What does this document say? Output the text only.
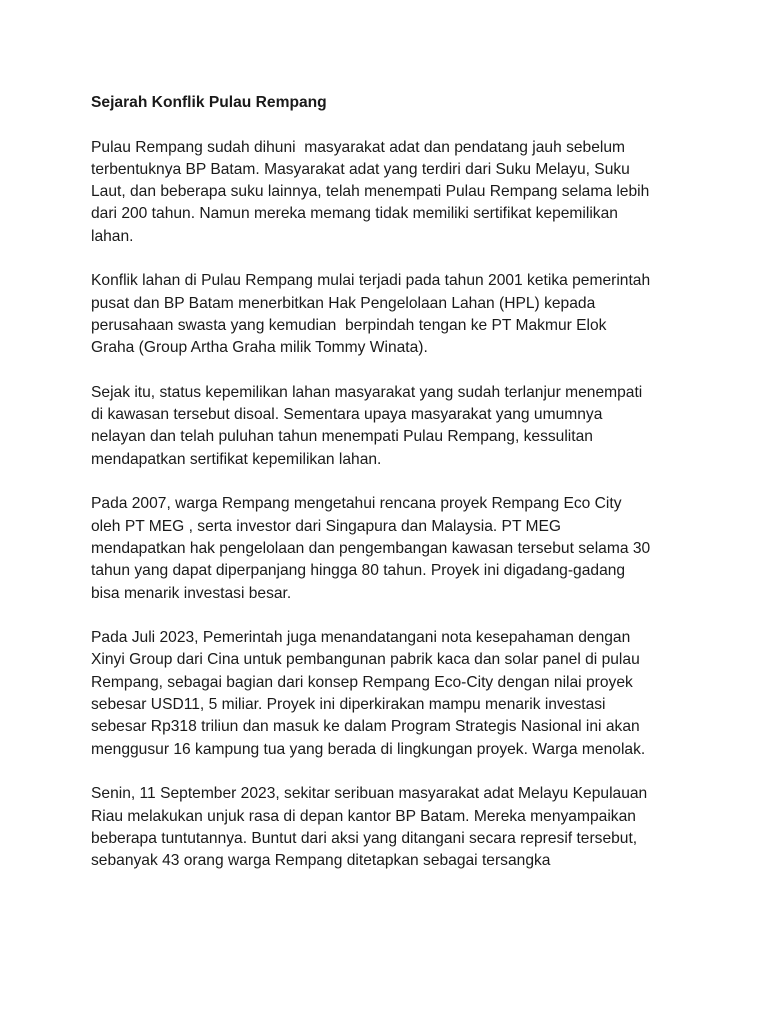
Sejarah Konflik Pulau Rempang
Pulau Rempang sudah dihuni  masyarakat adat dan pendatang jauh sebelum
terbentuknya BP Batam. Masyarakat adat yang terdiri dari Suku Melayu, Suku
Laut, dan beberapa suku lainnya, telah menempati Pulau Rempang selama lebih
dari 200 tahun. Namun mereka memang tidak memiliki sertifikat kepemilikan
lahan.
Konflik lahan di Pulau Rempang mulai terjadi pada tahun 2001 ketika pemerintah
pusat dan BP Batam menerbitkan Hak Pengelolaan Lahan (HPL) kepada
perusahaan swasta yang kemudian  berpindah tengan ke PT Makmur Elok
Graha (Group Artha Graha milik Tommy Winata).
Sejak itu, status kepemilikan lahan masyarakat yang sudah terlanjur menempati
di kawasan tersebut disoal. Sementara upaya masyarakat yang umumnya
nelayan dan telah puluhan tahun menempati Pulau Rempang, kessulitan
mendapatkan sertifikat kepemilikan lahan.
Pada 2007, warga Rempang mengetahui rencana proyek Rempang Eco City
oleh PT MEG , serta investor dari Singapura dan Malaysia. PT MEG
mendapatkan hak pengelolaan dan pengembangan kawasan tersebut selama 30
tahun yang dapat diperpanjang hingga 80 tahun. Proyek ini digadang-gadang
bisa menarik investasi besar.
Pada Juli 2023, Pemerintah juga menandatangani nota kesepahaman dengan
Xinyi Group dari Cina untuk pembangunan pabrik kaca dan solar panel di pulau
Rempang, sebagai bagian dari konsep Rempang Eco-City dengan nilai proyek
sebesar USD11, 5 miliar. Proyek ini diperkirakan mampu menarik investasi
sebesar Rp318 triliun dan masuk ke dalam Program Strategis Nasional ini akan
menggusur 16 kampung tua yang berada di lingkungan proyek. Warga menolak.
Senin, 11 September 2023, sekitar seribuan masyarakat adat Melayu Kepulauan
Riau melakukan unjuk rasa di depan kantor BP Batam. Mereka menyampaikan
beberapa tuntutannya. Buntut dari aksi yang ditangani secara represif tersebut,
sebanyak 43 orang warga Rempang ditetapkan sebagai tersangka
